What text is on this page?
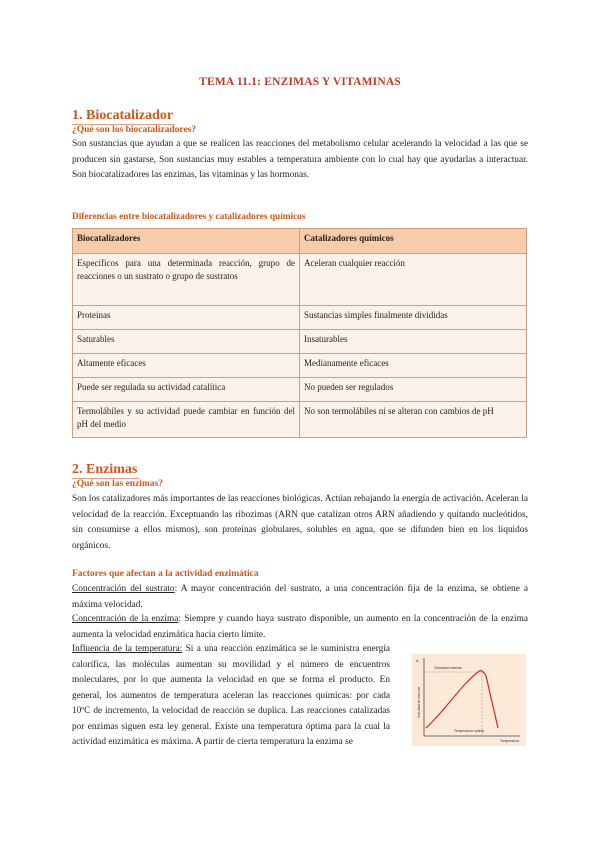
TEMA 11.1: ENZIMAS Y VITAMINAS
1. Biocatalizador
¿Qué son los biocatalizadores?

Son sustancias que ayudan a que se realicen las reacciones del metabolismo celular acelerando la velocidad a las que se producen sin gastarse, Son sustancias muy estables a temperatura ambiente con lo cual hay que ayudarlas a interactuar. Son biocatalizadores las enzimas, las vitaminas y las hormonas.

Diferencias entre biocatalizadores y catalizadores químicos
Biocatalizadores	Catalizadores químicos
Específicos para una determinada reacción, grupo de reacciones o un sustrato o grupo de sustratos	Aceleran cualquier reacción
Proteínas	Sustancias simples finalmente divididas
Saturables	Insaturables
Altamente eficaces	Medianamente eficaces
Puede ser regulada su actividad catalítica	No pueden ser regulados
Termolábiles y su actividad puede cambiar en función del pH del medio	No son termolábiles ni se alteran con cambios de pH
2. Enzimas
¿Qué son las enzimas?

Son los catalizadores más importantes de las reacciones biológicas. Actúan rebajando la energía de activación. Aceleran la velocidad de la reacción. Exceptuando las ribozimas (ARN que catalizan otros ARN añadiendo y quitando nucleótidos, sin consumirse a ellos mismos), son proteínas globulares, solubles en agua, que se difunden bien en los líquidos orgánicos.

Factores que afectan a la actividad enzimática

Concentración del sustrato: A mayor concentración del sustrato, a una concentración fija de la enzima, se obtiene a máxima velocidad.

Concentración de la enzima: Siempre y cuando haya sustrato disponible, un aumento en la concentración de la enzima aumenta la velocidad enzimática hacia cierto límite.

Influencia de la temperatura: Si a una reacción enzimática se le suministra energía calorífica, las moléculas aumentan su movilidad y el número de encuentros moleculares, por lo que aumenta la velocidad en que se forma el producto. En general, los aumentos de temperatura aceleran las reacciones químicas: por cada 10ºC de incremento, la velocidad de reacción se duplica. Las reacciones catalizadas por enzimas siguen esta ley general. Existe una temperatura óptima para la cual la actividad enzimática es máxima. A partir de cierta temperatura la enzima se

Velocidad de reacción
Velocidad máxima
Temperatura óptima
Temperatura
A
